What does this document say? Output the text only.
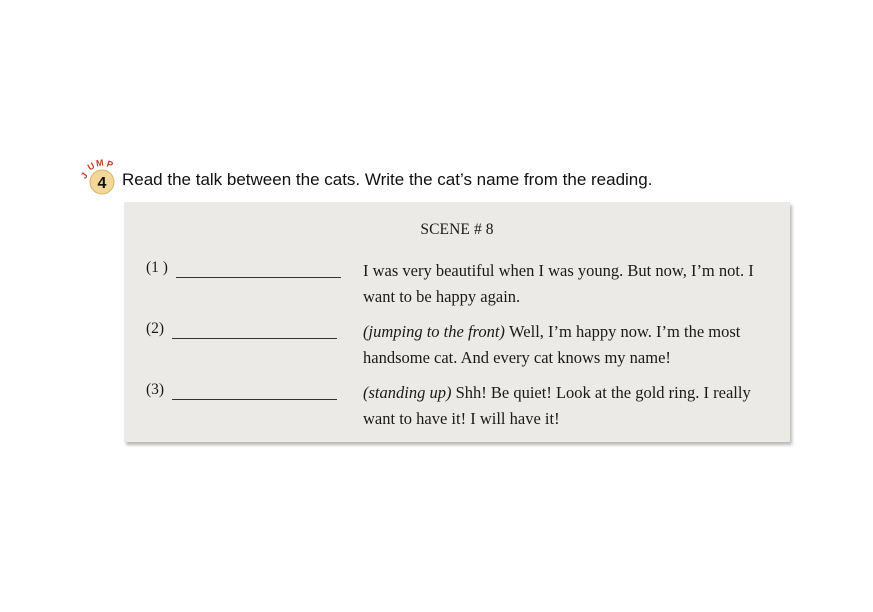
J
U
M P
4 Read the talk between the cats. Write the cat’s name from the reading.
SCENE # 8
(1 )	I was very beautiful when I was young. But now, I’m not. I want to be happy again.
(2)	(jumping to the front) Well, I’m happy now. I’m the most handsome cat. And every cat knows my name!
(3)	(standing up) Shh! Be quiet! Look at the gold ring. I really want to have it! I will have it!
